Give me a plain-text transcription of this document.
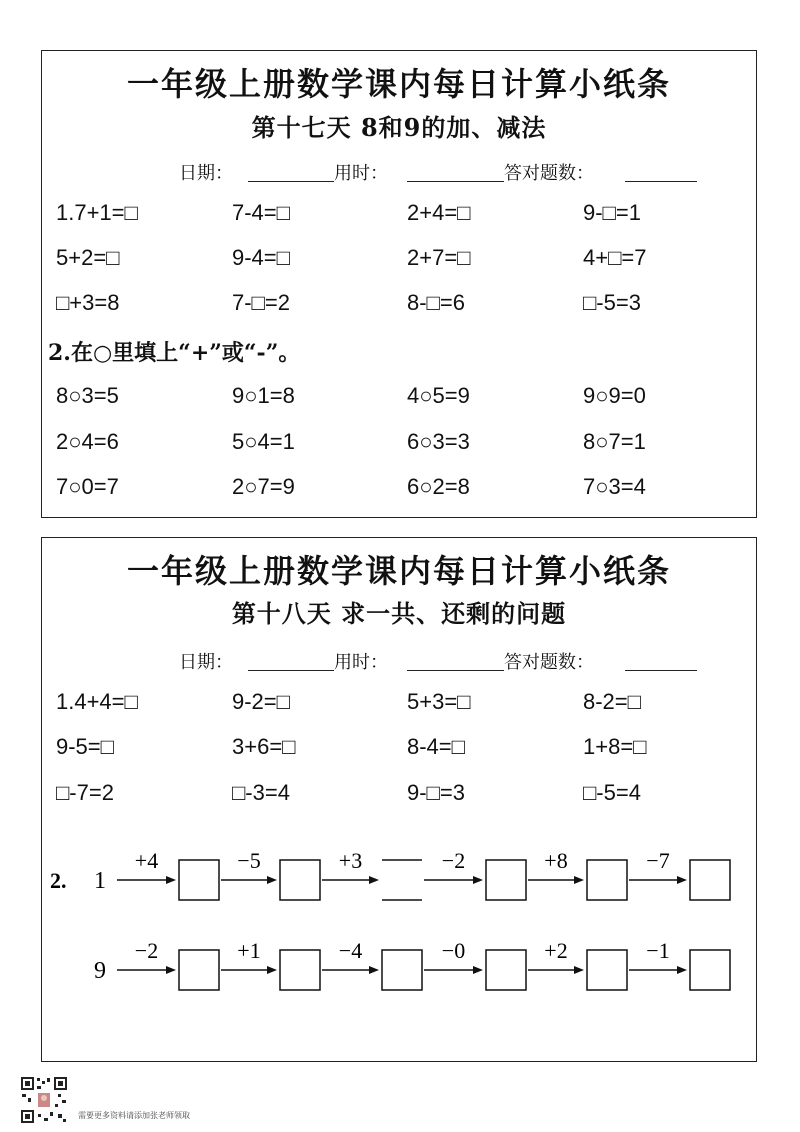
一年级上册数学课内每日计算小纸条
第十七天 8和9的加、减法
日期：	用时：	答对题数：
1.7+1=□	7-4=□	2+4=□	9-□=1
5+2=□	9-4=□	2+7=□	4+□=7
□+3=8	7-□=2	8-□=6	□-5=3
2.在○里填上“+”或“-”。
8○3=5	9○1=8	4○5=9	9○9=0
2○4=6	5○4=1	6○3=3	8○7=1
7○0=7	2○7=9	6○2=8	7○3=4
一年级上册数学课内每日计算小纸条
第十八天 求一共、还剩的问题
日期：	用时：	答对题数：
1.4+4=□	9-2=□	5+3=□	8-2=□
9-5=□	3+6=□	8-4=□	1+8=□
□-7=2	□-3=4	9-□=3	□-5=4
2. 1
+4	−5	+3	−2	+8	−7
9
−2	+1	−4	−0	+2	−1
需要更多资料请添加张老师领取
